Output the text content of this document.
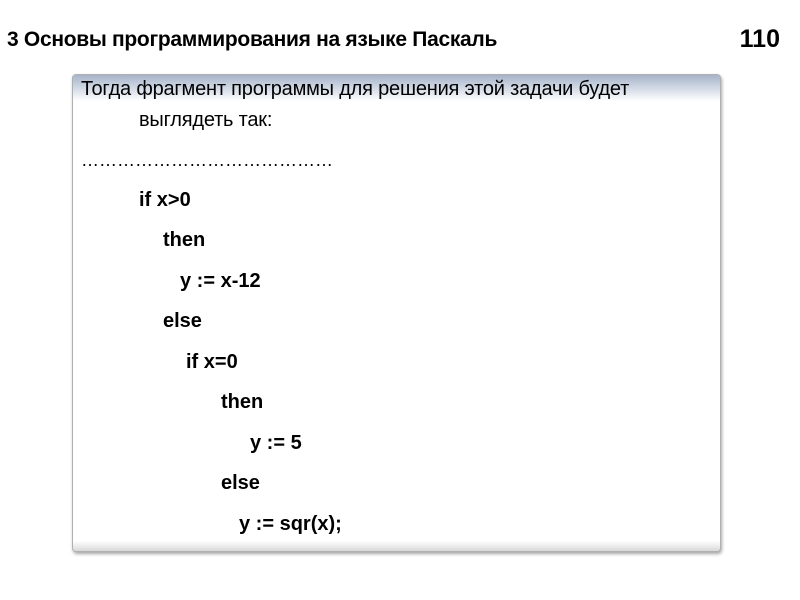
3 Основы программирования на языке Паскаль	110
Тогда фрагмент программы для решения этой задачи будет
выглядеть так:
……………………………………
if x>0
then
y := x-12
else
if x=0
then
y := 5
else
y := sqr(x);
